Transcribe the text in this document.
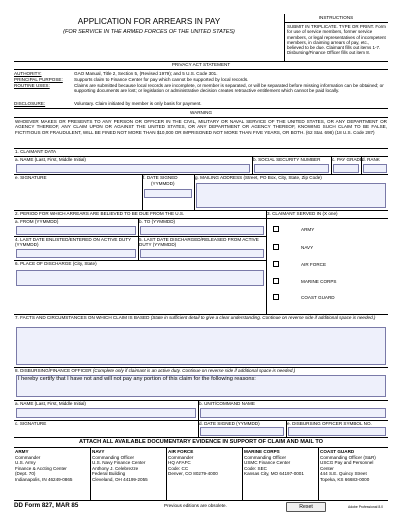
APPLICATION FOR ARREARS IN PAY
(FOR SERVICE IN THE ARMED FORCES OF THE UNITED STATES)
INSTRUCTIONS
SUBMIT IN TRIPLICATE. TYPE OR PRINT. Form for use of service members, former service members, or legal representatives of incompetent members, in claiming arrears of pay, etc., believed to be due. Claimant fills out items 1-7. Disbursing/Finance Officer fills out item 8.
PRIVACY ACT STATEMENT
AUTHORITY:	GAO Manual, Title 2, Section 5, (Revised 1979); and 5 U.S. Code 301.
PRINCIPAL PURPOSE: Supports claim to Finance Center for pay which cannot be supported by local records.
ROUTINE USES:	Claims are submitted because local records are incomplete, or member is separated, or will be separated before missing information can be obtained; or supporting documents are lost; or legislation or administrative decision creates retroactive entitlement which cannot be paid locally.
DISCLOSURE:	Voluntary. Claim initiated by member is only basis for payment.
WARNING
WHOEVER MAKES OR PRESENTS TO ANY PERSON OR OFFICER IN THE CIVIL, MILITARY OR NAVAL SERVICE OF THE UNITED STATES, OR ANY DEPARTMENT OR AGENCY THEREOF, ANY CLAIM UPON OR AGAINST THE UNITED STATES, OR ANY DEPARTMENT OR AGENCY THEREOF, KNOWING SUCH CLAIM TO BE FALSE, FICTITIOUS OR FRAUDULENT, WILL BE FINED NOT MORE THAN $10,000 OR IMPRISONED NOT MORE THAN FIVE YEARS, OR BOTH. (62 Stat. 698) (18 U.S. Code 287)
1. CLAIMANT DATA
a. NAME (Last, First, Middle Initial)	b. SOCIAL SECURITY NUMBER	c. PAY GRADE d. RANK
e. SIGNATURE	f. DATE SIGNED
(YYMMDD)
g. MAILING ADDRESS (Street, PO Box, City, State, Zip Code)
2. PERIOD FOR WHICH ARREARS ARE BELIEVED TO BE DUE FROM THE U.S.	3. CLAIMANT SERVED IN (X one)
a. FROM (YYMMDD)	b. TO (YYMMDD)
ARMY
NAVY
AIR FORCE
MARINE CORPS
COAST GUARD
4. LAST DATE ENLISTED/ENTERED ON ACTIVE DUTY (YYMMDD)
5. LAST DATE DISCHARGED/RELEASED FROM ACTIVE DUTY (YYMMDD)
6. PLACE OF DISCHARGE (City, State)
7. FACTS AND CIRCUMSTANCES ON WHICH CLAIM IS BASED (State in sufficient detail to give a clear understanding. Continue on reverse side if additional space is needed.)
8. DISBURSING/FINANCE OFFICER (Complete only if claimant is an active duty. Continue on reverse side if additional space is needed.)
I hereby certify that I have not and will not pay any portion of this claim for the following reasons:
a. NAME (Last, First, Middle Initial)	b. UNIT/COMMAND NAME
c. SIGNATURE	d. DATE SIGNED (YYMMDD)	e. DISBURSING OFFICER SYMBOL NO.
ATTACH ALL AVAILABLE DOCUMENTARY EVIDENCE IN SUPPORT OF CLAIM AND MAIL TO
ARMY
Commander
U.S. Army
Finance & Accting Center
(Dept. 70)
Indianapolis, IN 46249-0865
NAVY
Commanding Officer
U.S. Navy Finance Center
Anthony J. Celebrezze
Federal Building
Cleveland, OH 44199-2055
AIR FORCE
Commander
HQ AFAFC
Code: CC
Denver, CO 80279-4000
MARINE CORPS
Commanding Officer
USMC Finance Center
Code: SEC
Kansas City, MO 64197-0001
COAST GUARD
Commanding Officer (S&R)
USCG Pay and Personnel
Center
444 S.E. Quincy Street
Topeka, KS 66683-0000
DD Form 827, MAR 85	Previous editions are obsolete.	Reset	Adobe Professional 8.0
